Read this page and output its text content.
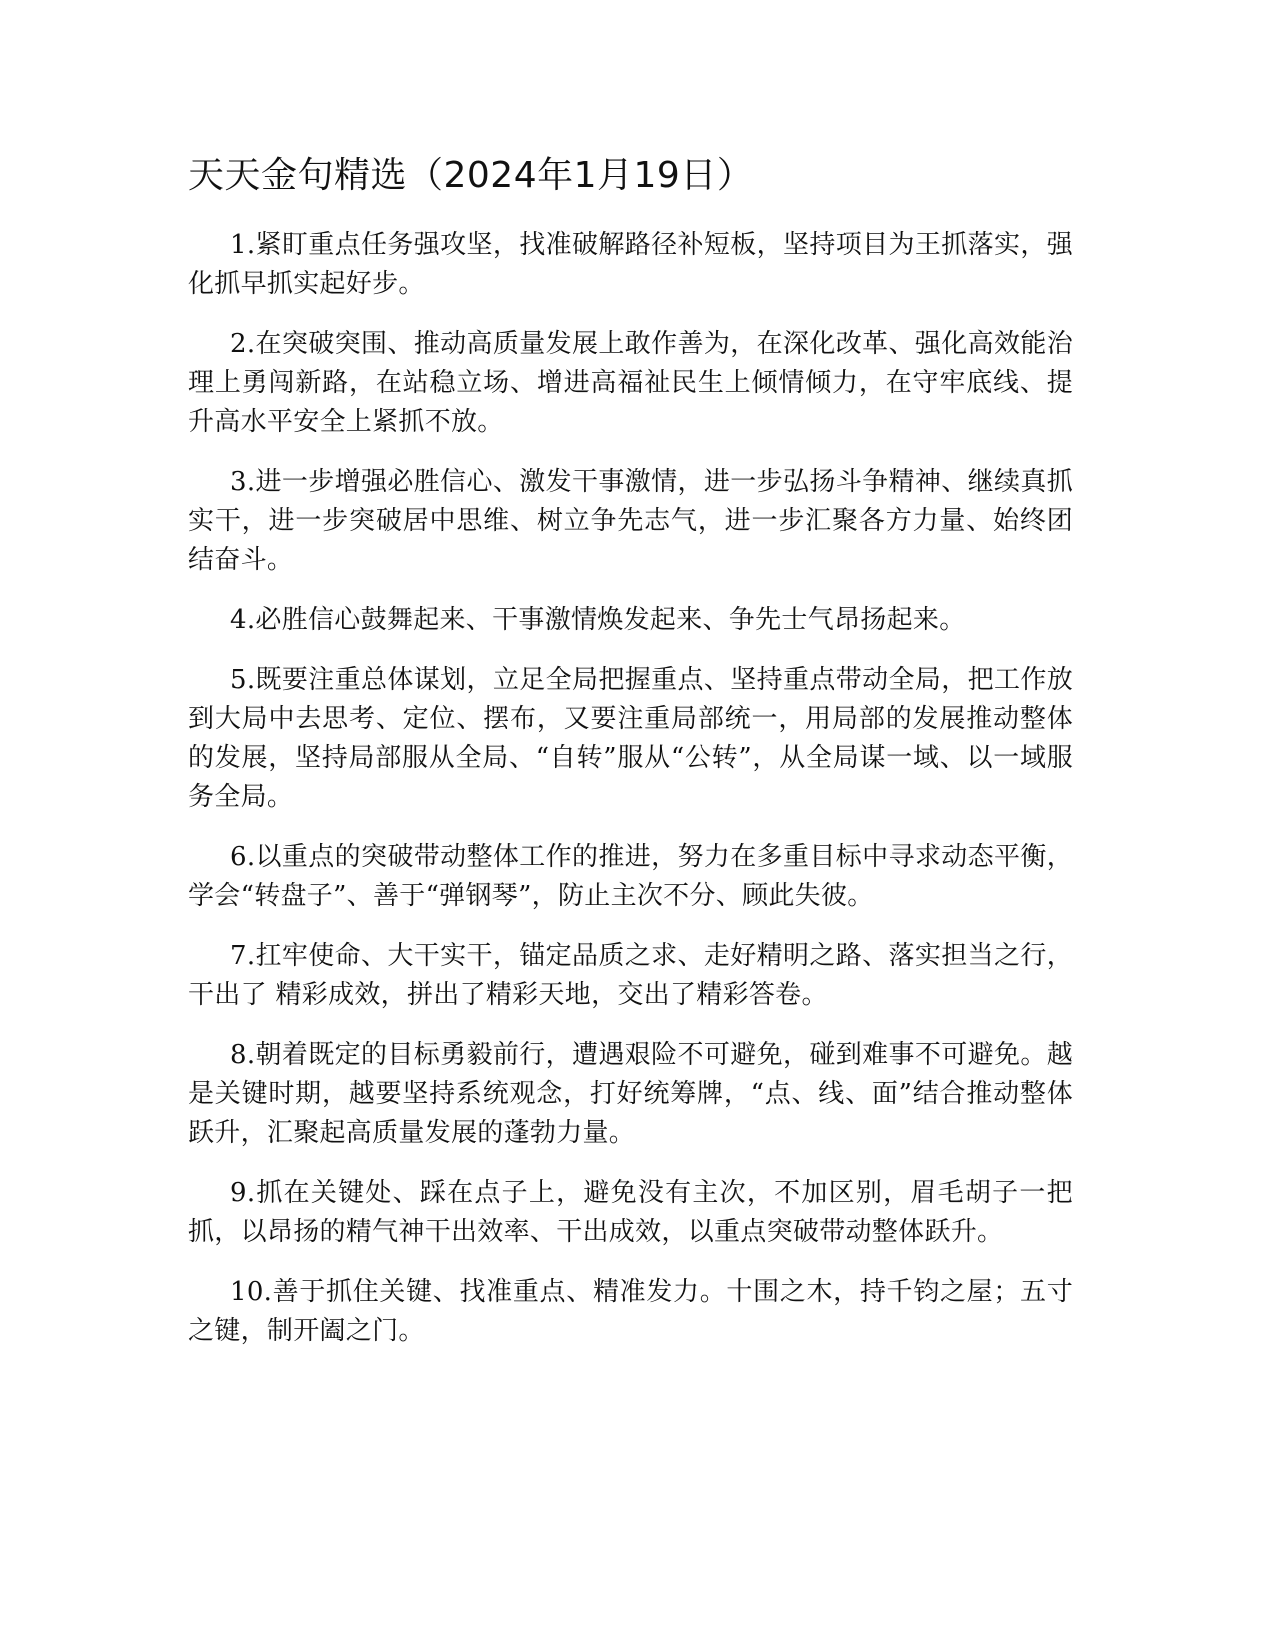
天天金句精选（2024年1月19日）
1.紧盯重点任务强攻坚，找准破解路径补短板，坚持项目为王抓落实，强化抓早抓实起好步。
2.在突破突围、推动高质量发展上敢作善为，在深化改革、强化高效能治理上勇闯新路，在站稳立场、增进高福祉民生上倾情倾力，在守牢底线、提升高水平安全上紧抓不放。
3.进一步增强必胜信心、激发干事激情，进一步弘扬斗争精神、继续真抓实干，进一步突破居中思维、树立争先志气，进一步汇聚各方力量、始终团结奋斗。
4.必胜信心鼓舞起来、干事激情焕发起来、争先士气昂扬起来。
5.既要注重总体谋划，立足全局把握重点、坚持重点带动全局，把工作放到大局中去思考、定位、摆布，又要注重局部统一，用局部的发展推动整体的发展，坚持局部服从全局、“自转”服从“公转”，从全局谋一域、以一域服务全局。
6.以重点的突破带动整体工作的推进，努力在多重目标中寻求动态平衡，学会“转盘子”、善于“弹钢琴”，防止主次不分、顾此失彼。
7.扛牢使命、大干实干，锚定品质之求、走好精明之路、落实担当之行，干出了 精彩成效，拼出了精彩天地，交出了精彩答卷。
8.朝着既定的目标勇毅前行，遭遇艰险不可避免，碰到难事不可避免。越是关键时期，越要坚持系统观念，打好统筹牌，“点、线、面”结合推动整体跃升，汇聚起高质量发展的蓬勃力量。
9.抓在关键处、踩在点子上，避免没有主次，不加区别，眉毛胡子一把抓，以昂扬的精气神干出效率、干出成效，以重点突破带动整体跃升。
10.善于抓住关键、找准重点、精准发力。十围之木，持千钧之屋；五寸之键，制开阖之门。
